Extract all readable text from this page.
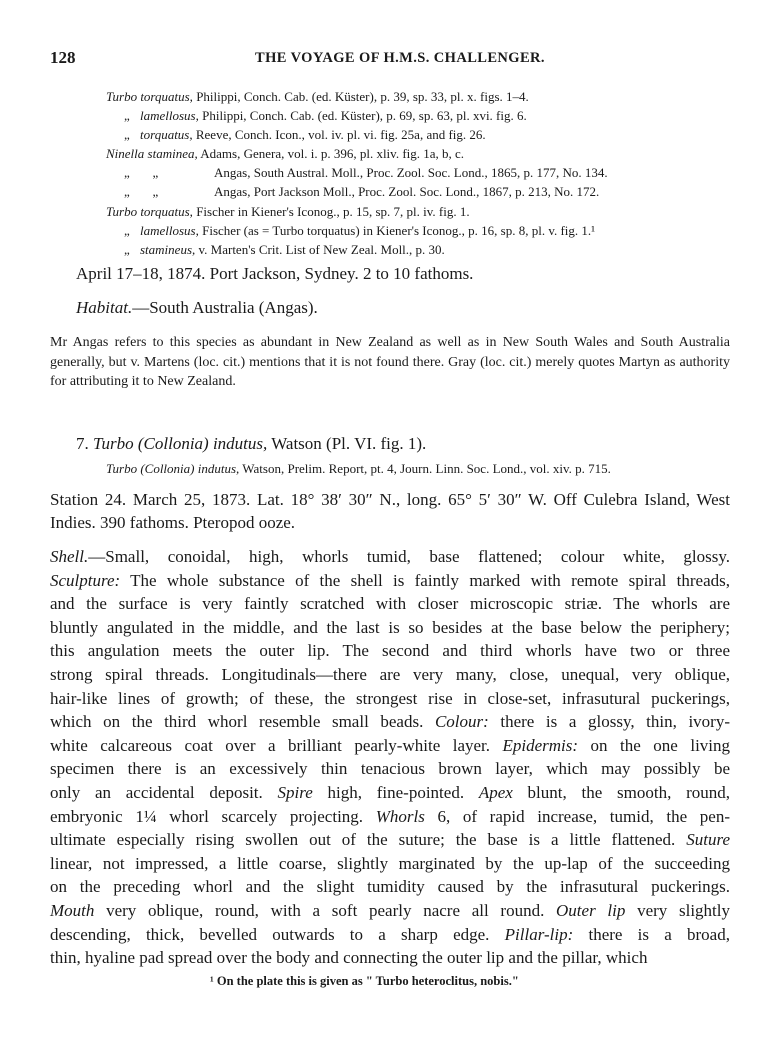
128	THE VOYAGE OF H.M.S. CHALLENGER.
Turbo torquatus, Philippi, Conch. Cab. (ed. Küster), p. 39, sp. 33, pl. x. figs. 1–4.
„ lamellosus, Philippi, Conch. Cab. (ed. Küster), p. 69, sp. 63, pl. xvi. fig. 6.
„ torquatus, Reeve, Conch. Icon., vol. iv. pl. vi. fig. 25a, and fig. 26.
Ninella staminea, Adams, Genera, vol. i. p. 396, pl. xliv. fig. 1a, b, c.
„       „	Angas, South Austral. Moll., Proc. Zool. Soc. Lond., 1865, p. 177, No. 134.
„       „	Angas, Port Jackson Moll., Proc. Zool. Soc. Lond., 1867, p. 213, No. 172.
Turbo torquatus, Fischer in Kiener's Iconog., p. 15, sp. 7, pl. iv. fig. 1.
„ lamellosus, Fischer (as = Turbo torquatus) in Kiener's Iconog., p. 16, sp. 8, pl. v. fig. 1.¹
„ stamineus, v. Marten's Crit. List of New Zeal. Moll., p. 30.
April 17–18, 1874. Port Jackson, Sydney. 2 to 10 fathoms.
Habitat.—South Australia (Angas).
Mr Angas refers to this species as abundant in New Zealand as well as in New South Wales and South Australia generally, but v. Martens (loc. cit.) mentions that it is not found there. Gray (loc. cit.) merely quotes Martyn as authority for attributing it to New Zealand.
7. Turbo (Collonia) indutus, Watson (Pl. VI. fig. 1).
Turbo (Collonia) indutus, Watson, Prelim. Report, pt. 4, Journ. Linn. Soc. Lond., vol. xiv. p. 715.
Station 24. March 25, 1873. Lat. 18° 38′ 30″ N., long. 65° 5′ 30″ W. Off Culebra Island, West Indies. 390 fathoms. Pteropod ooze.
Shell.—Small, conoidal, high, whorls tumid, base flattened; colour white, glossy.
Sculpture: The whole substance of the shell is faintly marked with remote spiral threads,
and the surface is very faintly scratched with closer microscopic striæ. The whorls are
bluntly angulated in the middle, and the last is so besides at the base below the periphery;
this angulation meets the outer lip. The second and third whorls have two or three
strong spiral threads. Longitudinals—there are very many, close, unequal, very oblique,
hair-like lines of growth; of these, the strongest rise in close-set, infrasutural puckerings,
which on the third whorl resemble small beads. Colour: there is a glossy, thin, ivory-
white calcareous coat over a brilliant pearly-white layer. Epidermis: on the one living
specimen there is an excessively thin tenacious brown layer, which may possibly be
only an accidental deposit. Spire high, fine-pointed. Apex blunt, the smooth, round,
embryonic 1¼ whorl scarcely projecting. Whorls 6, of rapid increase, tumid, the pen-
ultimate especially rising swollen out of the suture; the base is a little flattened. Suture
linear, not impressed, a little coarse, slightly marginated by the up-lap of the succeeding
on the preceding whorl and the slight tumidity caused by the infrasutural puckerings.
Mouth very oblique, round, with a soft pearly nacre all round. Outer lip very slightly
descending, thick, bevelled outwards to a sharp edge. Pillar-lip: there is a broad,
thin, hyaline pad spread over the body and connecting the outer lip and the pillar, which
¹ On the plate this is given as " Turbo heteroclitus, nobis."
